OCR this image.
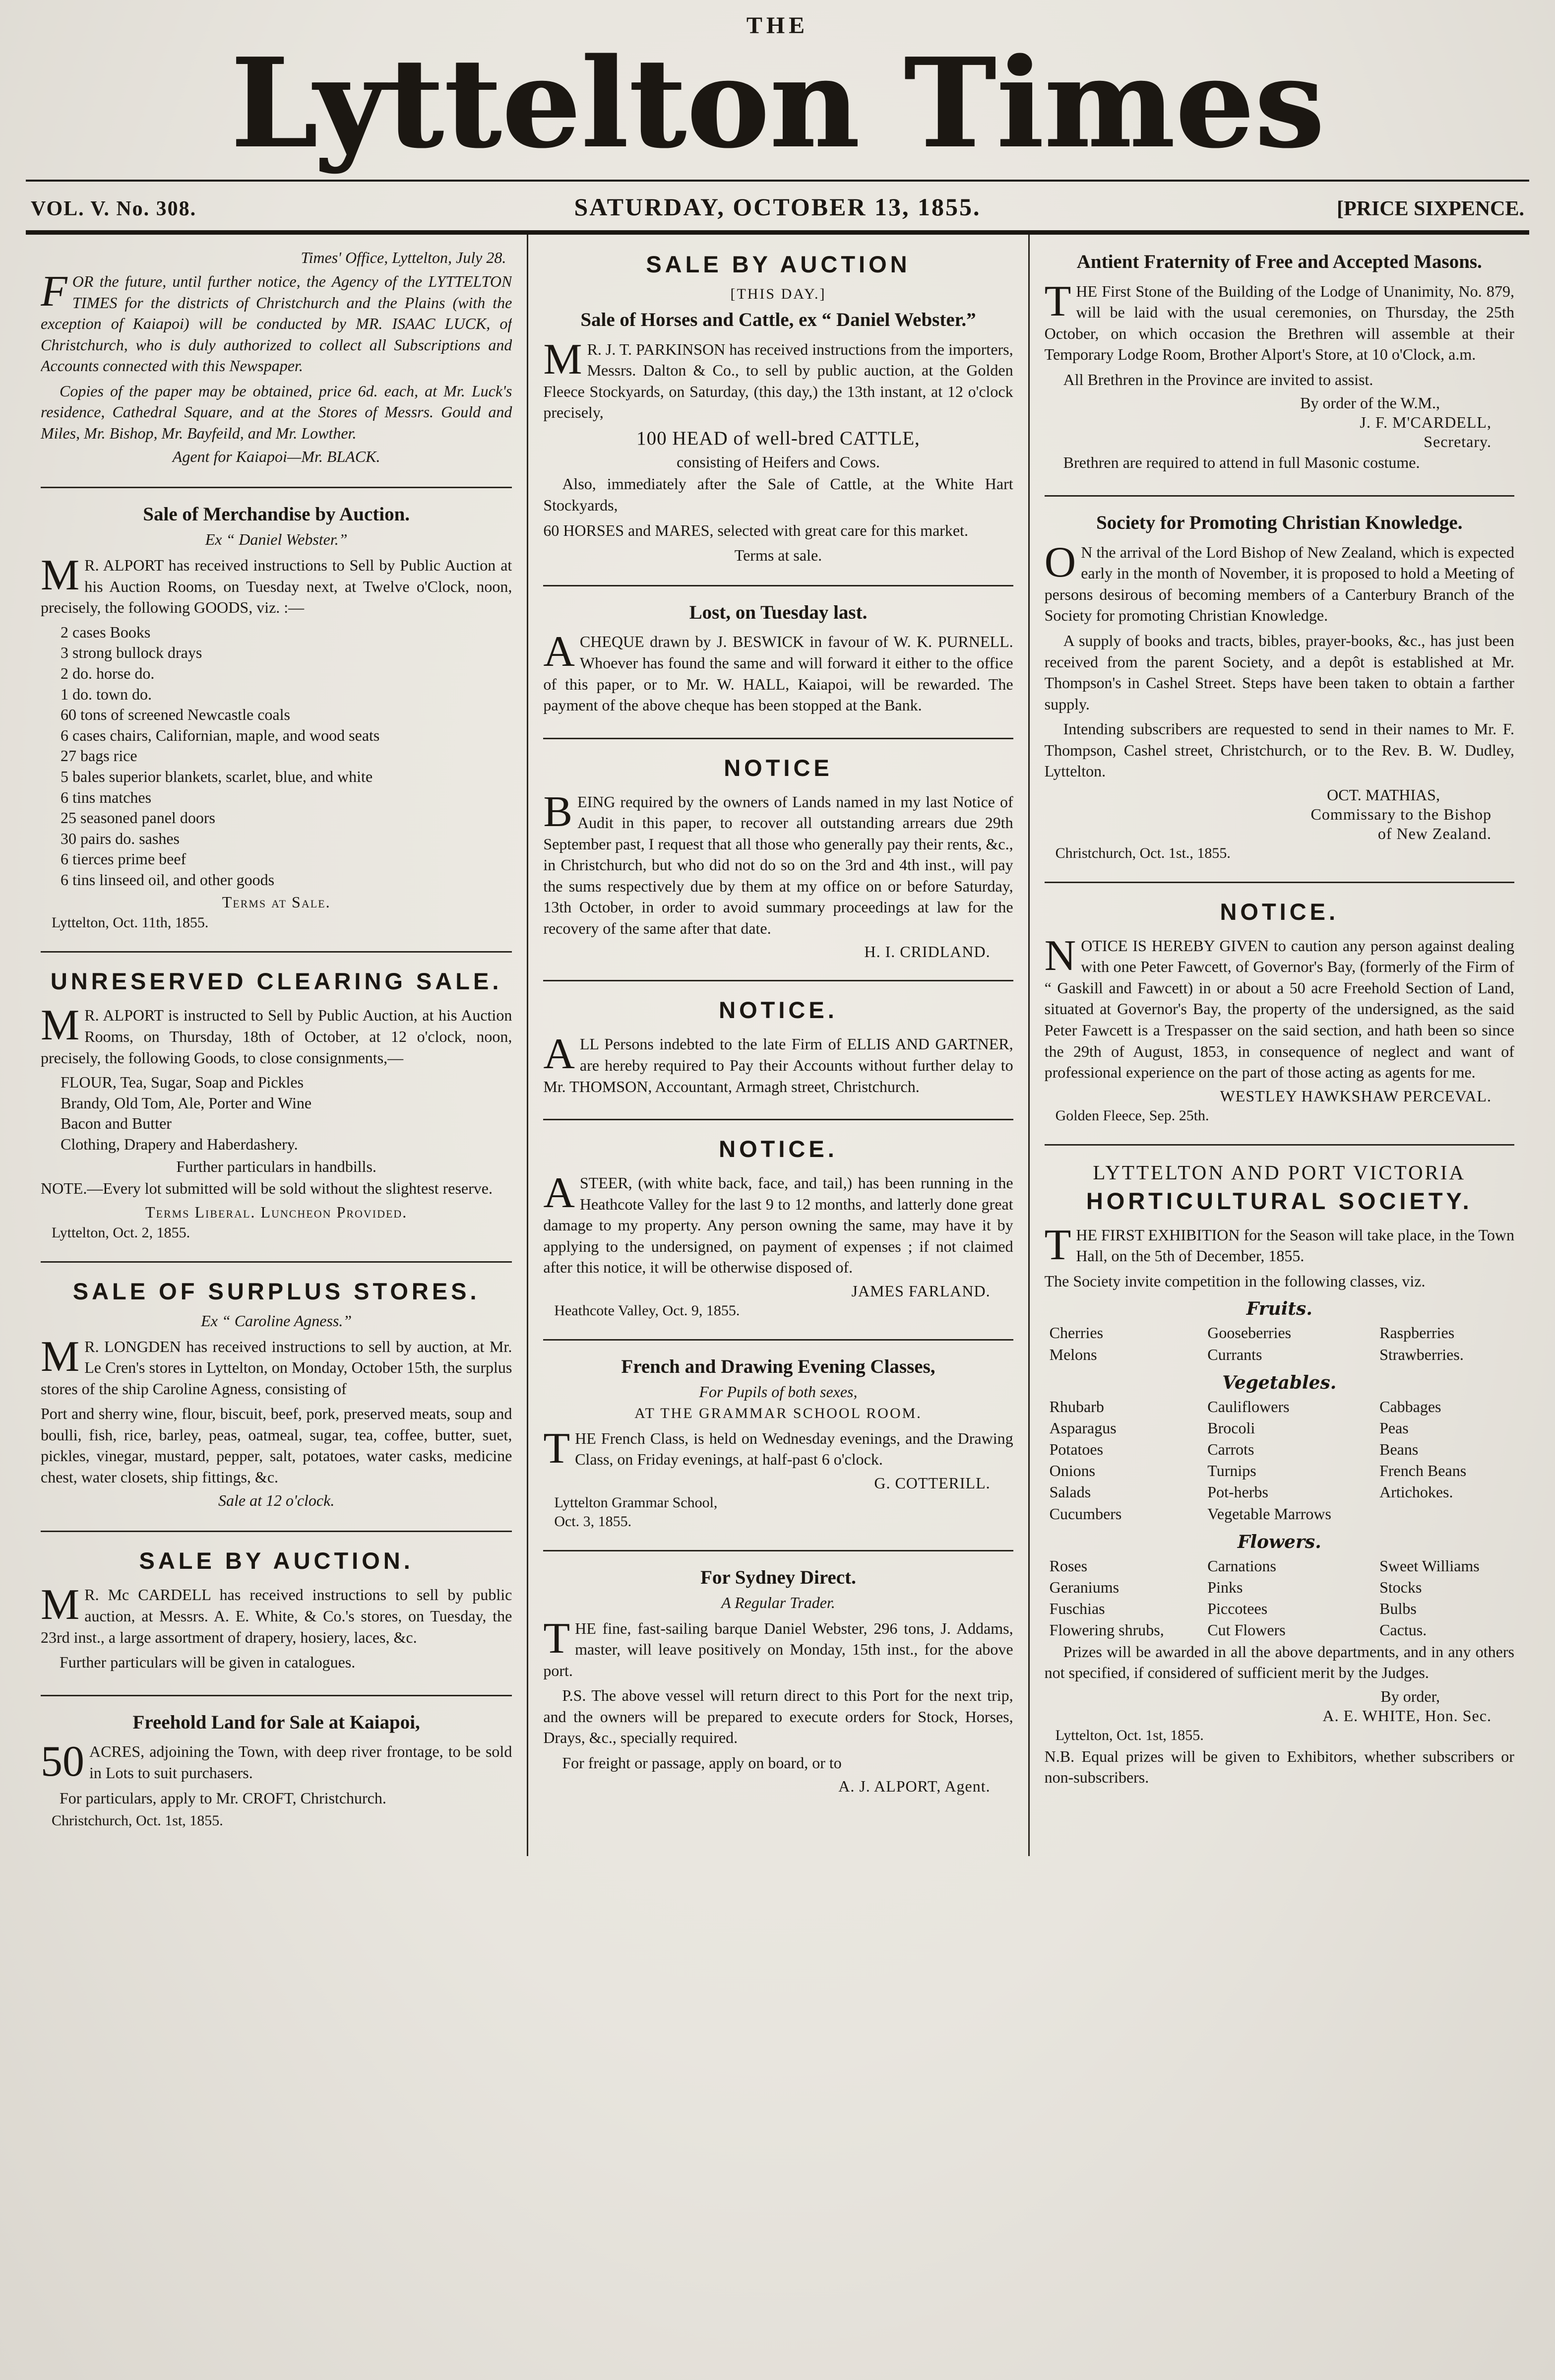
THE
Lyttelton Times
VOL. V. No. 308.	SATURDAY, OCTOBER 13, 1855.	[PRICE SIXPENCE.
Times' Office, Lyttelton, July 28.

FOR the future, until further notice, the Agency of the LYTTELTON TIMES for the districts of Christchurch and the Plains (with the exception of Kaiapoi) will be conducted by MR. ISAAC LUCK, of Christchurch, who is duly authorized to collect all Subscriptions and Accounts connected with this Newspaper.

Copies of the paper may be obtained, price 6d. each, at Mr. Luck's residence, Cathedral Square, and at the Stores of Messrs. Gould and Miles, Mr. Bishop, Mr. Bayfeild, and Mr. Lowther.
Agent for Kaiapoi—Mr. BLACK.
Sale of Merchandise by Auction.
Ex “ Daniel Webster.”

M R. ALPORT has received instructions to Sell by Public Auction at his Auction Rooms, on Tuesday next, at Twelve o'Clock, noon, precisely, the following GOODS, viz. :—

2 cases Books
3 strong bullock drays
2 do. horse do.
1 do. town do.
60 tons of screened Newcastle coals
6 cases chairs, Californian, maple, and wood seats
27 bags rice
5 bales superior blankets, scarlet, blue, and white
6 tins matches
25 seasoned panel doors
30 pairs do. sashes
6 tierces prime beef
6 tins linseed oil, and other goods
Terms at Sale.
Lyttelton, Oct. 11th, 1855.
UNRESERVED CLEARING SALE.

M R. ALPORT is instructed to Sell by Public Auction, at his Auction Rooms, on Thursday, 18th of October, at 12 o'clock, noon, precisely, the following Goods, to close consignments,—

FLOUR, Tea, Sugar, Soap and Pickles
Brandy, Old Tom, Ale, Porter and Wine
Bacon and Butter
Clothing, Drapery and Haberdashery.
Further particulars in handbills.
NOTE.—Every lot submitted will be sold without the slightest reserve.
Terms Liberal. Luncheon Provided.
Lyttelton, Oct. 2, 1855.
SALE OF SURPLUS STORES.
Ex “ Caroline Agness.”

M R. LONGDEN has received instructions to sell by auction, at Mr. Le Cren's stores in Lyttelton, on Monday, October 15th, the surplus stores of the ship Caroline Agness, consisting of

Port and sherry wine, flour, biscuit, beef, pork, preserved meats, soup and boulli, fish, rice, barley, peas, oatmeal, sugar, tea, coffee, butter, suet, pickles, vinegar, mustard, pepper, salt, potatoes, water casks, medicine chest, water closets, ship fittings, &c.
Sale at 12 o'clock.
SALE BY AUCTION.

M R. Mc CARDELL has received instructions to sell by public auction, at Messrs. A. E. White, & Co.'s stores, on Tuesday, the 23rd inst., a large assortment of drapery, hosiery, laces, &c.

Further particulars will be given in catalogues.
Freehold Land for Sale at Kaiapoi,

50 ACRES, adjoining the Town, with deep river frontage, to be sold in Lots to suit purchasers.

For particulars, apply to Mr. CROFT, Christchurch.
Christchurch, Oct. 1st, 1855.
SALE BY AUCTION
[THIS DAY.]
Sale of Horses and Cattle, ex “ Daniel Webster.”

M R. J. T. PARKINSON has received instructions from the importers, Messrs. Dalton & Co., to sell by public auction, at the Golden Fleece Stockyards, on Saturday, (this day,) the 13th instant, at 12 o'clock precisely,

100 HEAD of well-bred CATTLE,
consisting of Heifers and Cows.
Also, immediately after the Sale of Cattle, at the White Hart Stockyards,
60 HORSES and MARES, selected with great care for this market.
Terms at sale.
Lost, on Tuesday last.

ACHEQUE drawn by J. BESWICK in favour of W. K. PURNELL. Whoever has found the same and will forward it either to the office of this paper, or to Mr. W. HALL, Kaiapoi, will be rewarded. The payment of the above cheque has been stopped at the Bank.

NOTICE

BEING required by the owners of Lands named in my last Notice of Audit in this paper, to recover all outstanding arrears due 29th September past, I request that all those who generally pay their rents, &c., in Christchurch, but who did not do so on the 3rd and 4th inst., will pay the sums respectively due by them at my office on or before Saturday, 13th October, in order to avoid summary proceedings at law for the recovery of the same after that date.

H. I. CRIDLAND.
NOTICE.

ALL Persons indebted to the late Firm of ELLIS AND GARTNER, are hereby required to Pay their Accounts without further delay to Mr. THOMSON, Accountant, Armagh street, Christchurch.

NOTICE.

ASTEER, (with white back, face, and tail,) has been running in the Heathcote Valley for the last 9 to 12 months, and latterly done great damage to my property. Any person owning the same, may have it by applying to the undersigned, on payment of expenses ; if not claimed after this notice, it will be otherwise disposed of.

JAMES FARLAND.
Heathcote Valley, Oct. 9, 1855.
French and Drawing Evening Classes,
For Pupils of both sexes,
AT THE GRAMMAR SCHOOL ROOM.

THE French Class, is held on Wednesday evenings, and the Drawing Class, on Friday evenings, at half-past 6 o'clock.

G. COTTERILL.
Lyttelton Grammar School,
Oct. 3, 1855.
For Sydney Direct.
A Regular Trader.

THE fine, fast-sailing barque Daniel Webster, 296 tons, J. Addams, master, will leave positively on Monday, 15th inst., for the above port.

P.S. The above vessel will return direct to this Port for the next trip, and the owners will be prepared to execute orders for Stock, Horses, Drays, &c., specially required.
For freight or passage, apply on board, or to
A. J. ALPORT, Agent.
Antient Fraternity of Free and Accepted Masons.

THE First Stone of the Building of the Lodge of Unanimity, No. 879, will be laid with the usual ceremonies, on Thursday, the 25th October, on which occasion the Brethren will assemble at their Temporary Lodge Room, Brother Alport's Store, at 10 o'Clock, a.m.

All Brethren in the Province are invited to assist.
By order of the W.M.,
J. F. M'CARDELL,
Secretary.
Brethren are required to attend in full Masonic costume.
Society for Promoting Christian Knowledge.

O N the arrival of the Lord Bishop of New Zealand, which is expected early in the month of November, it is proposed to hold a Meeting of persons desirous of becoming members of a Canterbury Branch of the Society for promoting Christian Knowledge.

A supply of books and tracts, bibles, prayer-books, &c., has just been received from the parent Society, and a depôt is established at Mr. Thompson's in Cashel Street. Steps have been taken to obtain a farther supply.
Intending subscribers are requested to send in their names to Mr. F. Thompson, Cashel street, Christchurch, or to the Rev. B. W. Dudley, Lyttelton.
OCT. MATHIAS,
Commissary to the Bishop
of New Zealand.
Christchurch, Oct. 1st., 1855.
NOTICE.

NOTICE IS HEREBY GIVEN to caution any person against dealing with one Peter Fawcett, of Governor's Bay, (formerly of the Firm of “ Gaskill and Fawcett) in or about a 50 acre Freehold Section of Land, situated at Governor's Bay, the property of the undersigned, as the said Peter Fawcett is a Trespasser on the said section, and hath been so since the 29th of August, 1853, in consequence of neglect and want of professional experience on the part of those acting as agents for me.

WESTLEY HAWKSHAW PERCEVAL.
Golden Fleece, Sep. 25th.
LYTTELTON AND PORT VICTORIA
HORTICULTURAL SOCIETY.

THE FIRST EXHIBITION for the Season will take place, in the Town Hall, on the 5th of December, 1855.

The Society invite competition in the following classes, viz.
Fruits.
Cherries	Gooseberries	Raspberries
Melons	Currants	Strawberries.
Vegetables.
Rhubarb	Cauliflowers	Cabbages
Asparagus	Brocoli	Peas
Potatoes	Carrots	Beans
Onions	Turnips	French Beans
Salads	Pot-herbs	Artichokes.
Cucumbers	Vegetable Marrows
Flowers.
Roses	Carnations	Sweet Williams
Geraniums	Pinks	Stocks
Fuschias	Piccotees	Bulbs
Flowering shrubs,	Cut Flowers	Cactus.
Prizes will be awarded in all the above departments, and in any others not specified, if considered of sufficient merit by the Judges.
By order,
A. E. WHITE, Hon. Sec.
Lyttelton, Oct. 1st, 1855.
N.B. Equal prizes will be given to Exhibitors, whether subscribers or non-subscribers.
